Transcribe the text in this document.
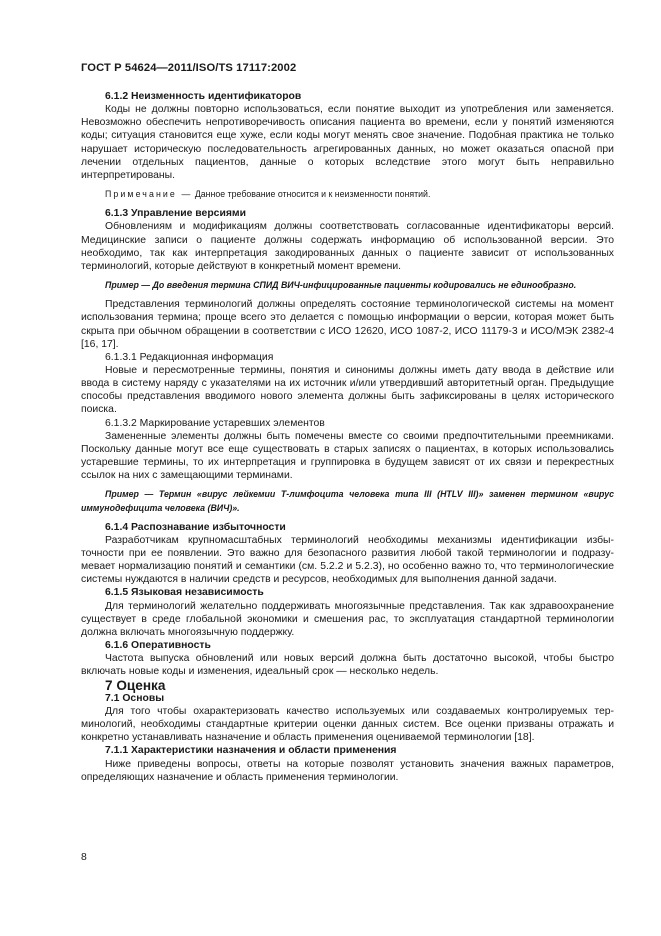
ГОСТ Р 54624—2011/ISO/TS 17117:2002

6.1.2 Неизменность идентификаторов

Коды не должны повторно использоваться, если понятие выходит из употребления или заменяется. Невозможно обеспечить непротиворечивость описания пациента во времени, если у понятий изменяются коды; ситуация становится еще хуже, если коды могут менять свое значение. Подобная практика не только нарушает историческую последовательность агрегированных данных, но может оказаться опасной при лечении отдельных пациентов, данные о которых вследствие этого могут быть неправильно интерпретированы.

Примечание — Данное требование относится и к неизменности понятий.

6.1.3 Управление версиями

Обновлениям и модификациям должны соответствовать согласованные идентификаторы версий. Медицинские записи о пациенте должны содержать информацию об использованной версии. Это необходимо, так как интерпретация закодированных данных о пациенте зависит от использованных терминологий, которые действуют в конкретный момент времени.

Пример — До введения термина СПИД ВИЧ-инфицированные пациенты кодировались не единообразно.

Представления терминологий должны определять состояние терминологической системы на момент использования термина; проще всего это делается с помощью информации о версии, которая может быть скрыта при обычном обращении в соответствии с ИСО 12620, ИСО 1087-2, ИСО 11179-3 и ИСО/МЭК 2382-4 [16, 17].

6.1.3.1 Редакционная информация

Новые и пересмотренные термины, понятия и синонимы должны иметь дату ввода в действие или ввода в систему наряду с указателями на их источник и/или утвердивший авторитетный орган. Предыдущие способы представления вводимого нового элемента должны быть зафиксированы в целях исторического поиска.

6.1.3.2 Маркирование устаревших элементов

Замененные элементы должны быть помечены вместе со своими предпочтительными преемниками. Поскольку данные могут все еще существовать в старых записях о пациентах, в которых использовались устаревшие термины, то их интерпретация и группировка в будущем зависят от их связи и перекрестных ссылок на них с замещающими терминами.

Пример — Термин «вирус лейкемии Т-лимфоцита человека типа III (HTLV III)» заменен термином «вирус иммунодефицита человека (ВИЧ)».

6.1.4 Распознавание избыточности

Разработчикам крупномасштабных терминологий необходимы механизмы идентификации избыточности при ее появлении. Это важно для безопасного развития любой такой терминологии и подразумевает нормализацию понятий и семантики (см. 5.2.2 и 5.2.3), но особенно важно то, что терминологические системы нуждаются в наличии средств и ресурсов, необходимых для выполнения данной задачи.

6.1.5 Языковая независимость

Для терминологий желательно поддерживать многоязычные представления. Так как здравоохранение существует в среде глобальной экономики и смешения рас, то эксплуатация стандартной терминологии должна включать многоязычную поддержку.

6.1.6 Оперативность

Частота выпуска обновлений или новых версий должна быть достаточно высокой, чтобы быстро включать новые коды и изменения, идеальный срок — несколько недель.

7 Оценка

7.1 Основы

Для того чтобы охарактеризовать качество используемых или создаваемых контролируемых терминологий, необходимы стандартные критерии оценки данных систем. Все оценки призваны отражать и конкретно устанавливать назначение и область применения оцениваемой терминологии [18].

7.1.1 Характеристики назначения и области применения

Ниже приведены вопросы, ответы на которые позволят установить значения важных параметров, определяющих назначение и область применения терминологии.

8
